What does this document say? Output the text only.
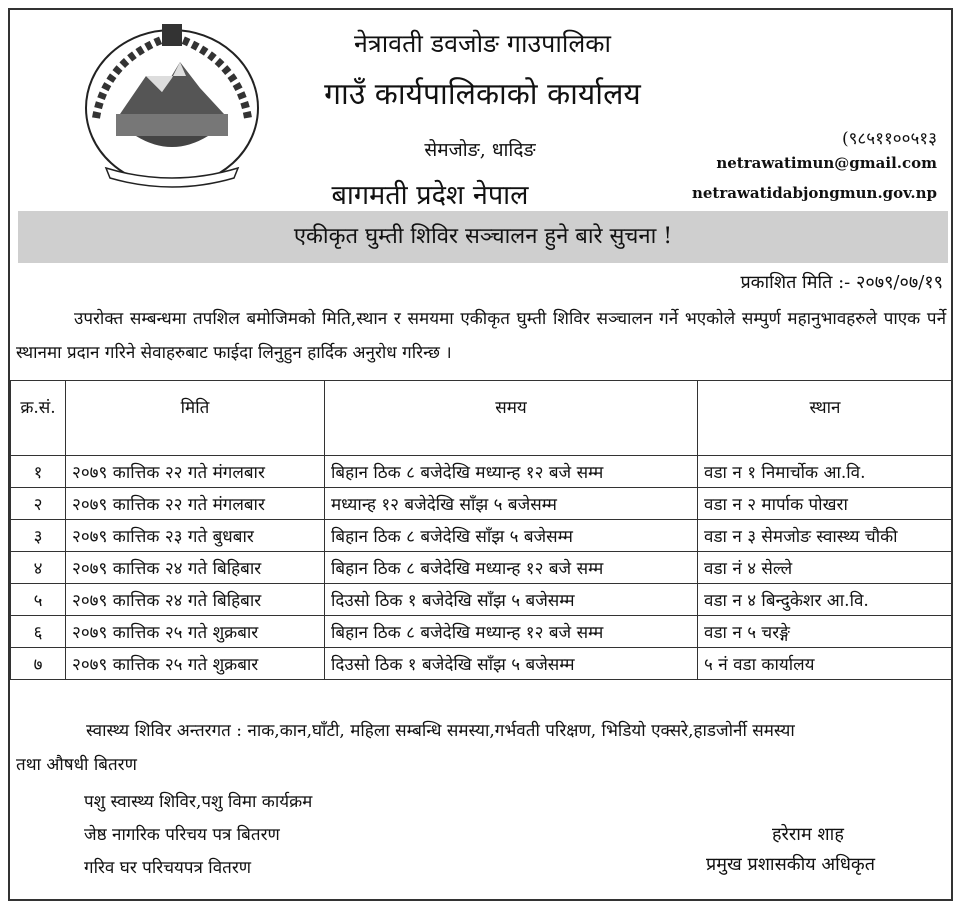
नेत्रावती डवजोङ गाउपालिका
गाउँ कार्यपालिकाको कार्यालय
सेमजोङ, धादिङ
बागमती प्रदेश नेपाल
(९८५११००५१३
netrawatimun@gmail.com
netrawatidabjongmun.gov.np
एकीकृत घुम्ती शिविर सञ्चालन हुने बारे सुचना !
प्रकाशित मिति :- २०७९/०७/१९
उपरोक्त सम्बन्धमा तपशिल बमोजिमको मिति,स्थान र समयमा एकीकृत घुम्ती शिविर सञ्चालन गर्ने भएकोले सम्पुर्ण महानुभावहरुले पाएक पर्ने स्थानमा प्रदान गरिने सेवाहरुबाट फाईदा लिनुहुन हार्दिक अनुरोध गरिन्छ ।
क्र.सं.	मिति	समय	स्थान
१	२०७९ कात्तिक २२ गते मंगलबार	बिहान ठिक ८ बजेदेखि मध्यान्ह १२ बजे सम्म	वडा न १ निमार्चोक आ.वि.
२	२०७९ कात्तिक २२ गते मंगलबार	मध्यान्ह १२ बजेदेखि साँझ ५ बजेसम्म	वडा न २ मार्पाक पोखरा
३	२०७९ कात्तिक २३ गते बुधबार	बिहान ठिक ८ बजेदेखि साँझ ५ बजेसम्म	वडा न ३ सेमजोङ स्वास्थ्य चौकी
४	२०७९ कात्तिक २४ गते बिहिबार	बिहान ठिक ८ बजेदेखि मध्यान्ह १२ बजे सम्म	वडा नं ४ सेल्ले
५	२०७९ कात्तिक २४ गते बिहिबार	दिउसो ठिक १ बजेदेखि साँझ ५ बजेसम्म	वडा न ४ बिन्दुकेशर आ.वि.
६	२०७९ कात्तिक २५ गते शुक्रबार	बिहान ठिक ८ बजेदेखि मध्यान्ह १२ बजे सम्म	वडा न ५ चरङ्गे
७	२०७९ कात्तिक २५ गते शुक्रबार	दिउसो ठिक १ बजेदेखि साँझ ५ बजेसम्म	५ नं वडा कार्यालय
स्वास्थ्य शिविर अन्तरगत : नाक,कान,घाँटी, महिला सम्बन्धि समस्या,गर्भवती परिक्षण, भिडियो एक्सरे,हाडजोर्नी समस्या
तथा औषधी बितरण
पशु स्वास्थ्य शिविर,पशु विमा कार्यक्रम
जेष्ठ नागरिक परिचय पत्र बितरण
गरिव घर परिचयपत्र वितरण
हरेराम शाह
प्रमुख प्रशासकीय अधिकृत
